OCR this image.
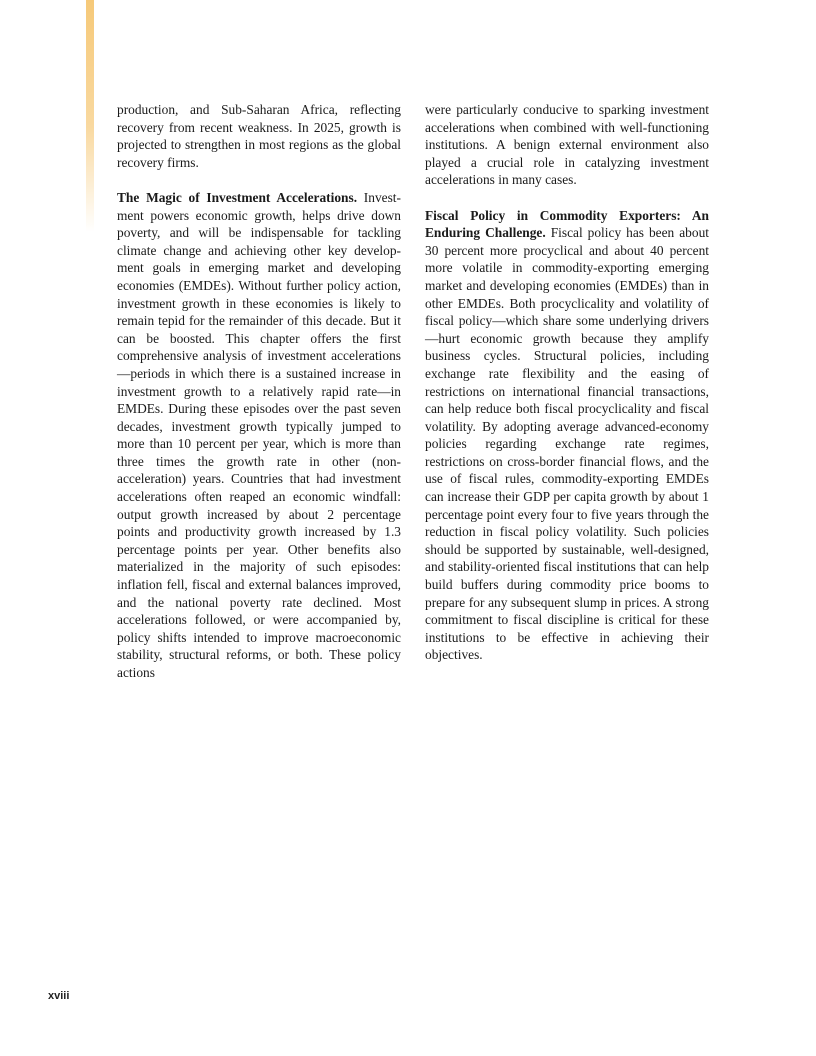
production, and Sub-Saharan Africa, reflecting recovery from recent weakness. In 2025, growth is projected to strengthen in most regions as the global recovery firms.

The Magic of Investment Accelerations. Investment powers economic growth, helps drive down poverty, and will be indispensable for tackling climate change and achieving other key development goals in emerging market and developing economies (EMDEs). Without further policy action, investment growth in these economies is likely to remain tepid for the remainder of this decade. But it can be boosted. This chapter offers the first comprehensive analysis of investment accelerations—periods in which there is a sustained increase in investment growth to a relatively rapid rate—in EMDEs. During these episodes over the past seven decades, investment growth typically jumped to more than 10 percent per year, which is more than three times the growth rate in other (non-acceleration) years. Countries that had investment accelerations often reaped an economic windfall: output growth increased by about 2 percentage points and productivity growth increased by 1.3 percentage points per year. Other benefits also materialized in the majority of such episodes: inflation fell, fiscal and external balances improved, and the national poverty rate declined. Most accelerations followed, or were accompanied by, policy shifts intended to improve macroeconomic stability, structural reforms, or both. These policy actions

were particularly conducive to sparking investment accelerations when combined with well-functioning institutions. A benign external environment also played a crucial role in catalyzing investment accelerations in many cases.

Fiscal Policy in Commodity Exporters: An Enduring Challenge. Fiscal policy has been about 30 percent more procyclical and about 40 percent more volatile in commodity-exporting emerging market and developing economies (EMDEs) than in other EMDEs. Both procyclicality and volatility of fiscal policy—which share some underlying drivers—hurt economic growth because they amplify business cycles. Structural policies, including exchange rate flexibility and the easing of restrictions on international financial transactions, can help reduce both fiscal procyclicality and fiscal volatility. By adopting average advanced-economy policies regarding exchange rate regimes, restrictions on cross-border financial flows, and the use of fiscal rules, commodity-exporting EMDEs can increase their GDP per capita growth by about 1 percentage point every four to five years through the reduction in fiscal policy volatility. Such policies should be supported by sustainable, well-designed, and stability-oriented fiscal institutions that can help build buffers during commodity price booms to prepare for any subsequent slump in prices. A strong commitment to fiscal discipline is critical for these institutions to be effective in achieving their objectives.

xviii
